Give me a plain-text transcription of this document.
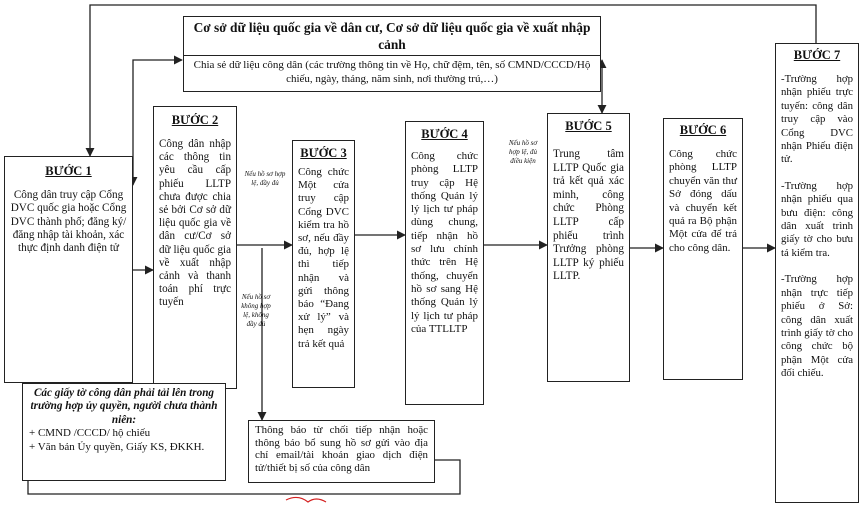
Cơ sở dữ liệu quốc gia về dân cư, Cơ sở dữ liệu quốc gia về xuất nhập cảnh
Chia sẻ dữ liệu công dân (các trường thông tin về Họ, chữ đệm, tên, số CMND/CCCD/Hộ chiếu, ngày, tháng, năm sinh, nơi thường trú,…)
BƯỚC 1
Công dân truy cập Cổng DVC quốc gia hoặc Cổng DVC thành phố; đăng ký/đăng nhập tài khoản, xác thực định danh điện tử
BƯỚC 2
Công dân nhập các thông tin yêu cầu cấp phiếu LLTP chưa được chia sẻ bởi Cơ sở dữ liệu quốc gia về dân cư/Cơ sở dữ liệu quốc gia về xuất nhập cảnh và thanh toán phí trực tuyến
BƯỚC 3
Công chức Một cửa truy cập Cổng DVC kiểm tra hồ sơ, nếu đầy đủ, hợp lệ thì tiếp nhận và gửi thông báo “Đang xử lý” và hẹn ngày trả kết quả
BƯỚC 4
Công chức phòng LLTP truy cập Hệ thống Quản lý lý lịch tư pháp dùng chung, tiếp nhận hồ sơ lưu chính thức trên Hệ thống, chuyển hồ sơ sang Hệ thống Quản lý lý lịch tư pháp của TTLLTP
BƯỚC 5
Trung tâm LLTP Quốc gia trả kết quả xác minh, công chức Phòng LLTP cấp phiếu trình Trưởng phòng LLTP ký phiếu LLTP.
BƯỚC 6
Công chức phòng LLTP chuyển văn thư Sở đóng dấu và chuyển kết quả ra Bộ phận Một cửa để trả cho công dân.
BƯỚC 7
-Trường hợp nhận phiếu trực tuyến: công dân truy cập vào Cổng DVC nhận Phiếu điện tử.
-Trường hợp nhận phiếu qua bưu điện: công dân xuất trình giấy tờ cho bưu tá kiểm tra.
-Trường hợp nhận trực tiếp phiếu ở Sở: công dân xuất trình giấy tờ cho công chức bộ phận Một cửa đối chiếu.
Các giấy tờ công dân phải tải lên trong trường hợp ủy quyền, người chưa thành niên:
+ CMND /CCCD/ hộ chiếu
+ Văn bản Ủy quyền, Giấy KS, ĐKKH.
Thông báo từ chối tiếp nhận hoặc thông báo bổ sung hồ sơ gửi vào địa chỉ email/tài khoản giao dịch điện tử/thiết bị số của công dân
Nếu hồ sơ hợp lệ, đầy đủ
Nếu hồ sơ không hợp lệ, không đầy đủ
Nếu hồ sơ hợp lệ, đủ điều kiện
